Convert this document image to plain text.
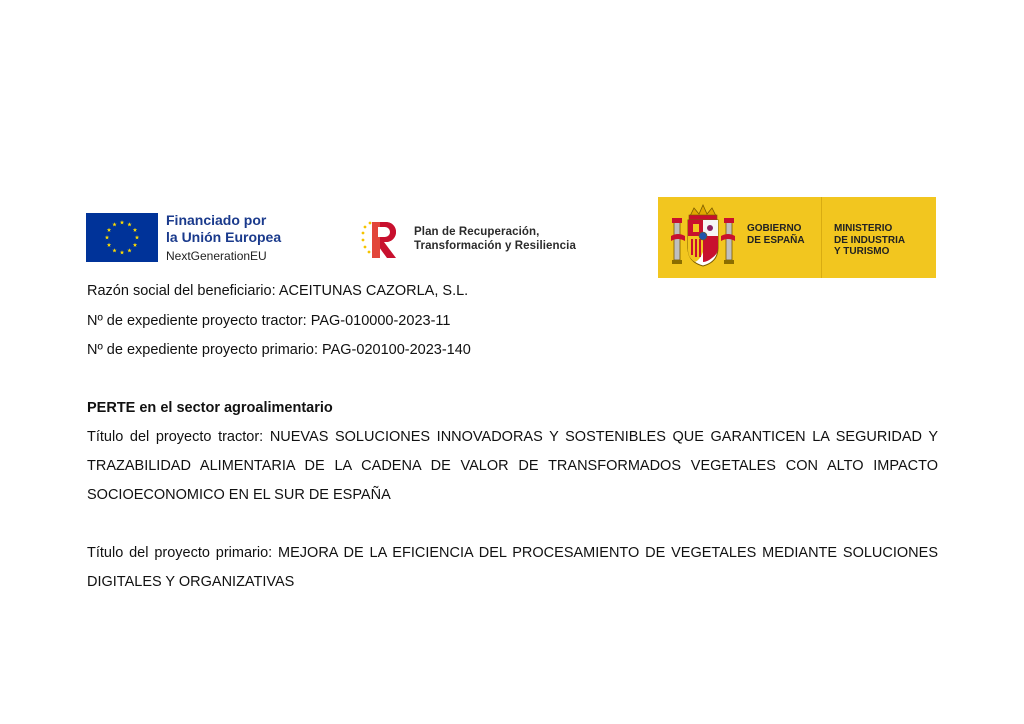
Financiado por
la Unión Europea
NextGenerationEU
Plan de Recuperación,
Transformación y Resiliencia
GOBIERNO
DE ESPAÑA
MINISTERIO
DE INDUSTRIA
Y TURISMO
Razón social del beneficiario: ACEITUNAS CAZORLA, S.L.
Nº de expediente proyecto tractor: PAG-010000-2023-11
Nº de expediente proyecto primario: PAG-020100-2023-140
PERTE en el sector agroalimentario
Título del proyecto tractor: NUEVAS SOLUCIONES INNOVADORAS Y SOSTENIBLES QUE GARANTICEN LA SEGURIDAD Y TRAZABILIDAD ALIMENTARIA DE LA CADENA DE VALOR DE TRANSFORMADOS VEGETALES CON ALTO IMPACTO SOCIOECONOMICO EN EL SUR DE ESPAÑA
Título del proyecto primario: MEJORA DE LA EFICIENCIA DEL PROCESAMIENTO DE VEGETALES MEDIANTE SOLUCIONES DIGITALES Y ORGANIZATIVAS
